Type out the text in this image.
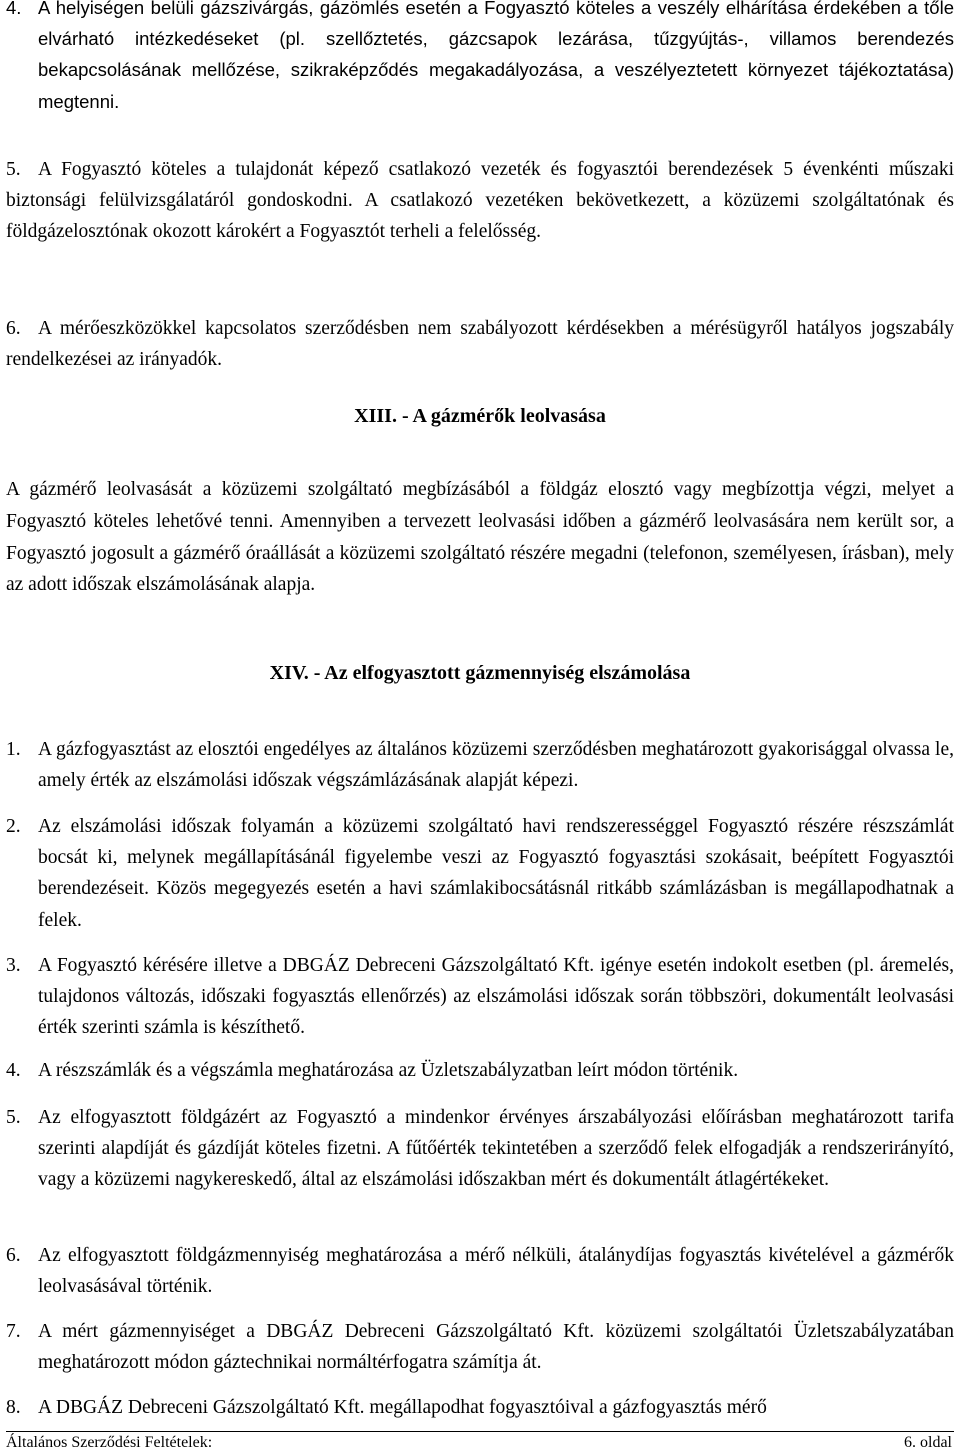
4. A helyiségen belüli gázszivárgás, gázömlés esetén a Fogyasztó köteles a veszély elhárítása érdekében a tőle elvárható intézkedéseket (pl. szellőztetés, gázcsapok lezárása, tűzgyújtás-, villamos berendezés bekapcsolásának mellőzése, szikraképződés megakadályozása, a veszélyeztetett környezet tájékoztatása) megtenni.
5. A Fogyasztó köteles a tulajdonát képező csatlakozó vezeték és fogyasztói berendezések 5 évenkénti műszaki biztonsági felülvizsgálatáról gondoskodni. A csatlakozó vezetéken bekövetkezett, a közüzemi szolgáltatónak és földgázelosztónak okozott károkért a Fogyasztót terheli a felelősség.
6. A mérőeszközökkel kapcsolatos szerződésben nem szabályozott kérdésekben a mérésügyről hatályos jogszabály rendelkezései az irányadók.
XIII. - A gázmérők leolvasása
A gázmérő leolvasását a közüzemi szolgáltató megbízásából a földgáz elosztó vagy megbízottja végzi, melyet a Fogyasztó köteles lehetővé tenni. Amennyiben a tervezett leolvasási időben a gázmérő leolvasására nem került sor, a Fogyasztó jogosult a gázmérő óraállását a közüzemi szolgáltató részére megadni (telefonon, személyesen, írásban), mely az adott időszak elszámolásának alapja.
XIV. - Az elfogyasztott gázmennyiség elszámolása
1. A gázfogyasztást az elosztói engedélyes az általános közüzemi szerződésben meghatározott gyakorisággal olvassa le, amely érték az elszámolási időszak végszámlázásának alapját képezi.
2. Az elszámolási időszak folyamán a közüzemi szolgáltató havi rendszerességgel Fogyasztó részére részszámlát bocsát ki, melynek megállapításánál figyelembe veszi az Fogyasztó fogyasztási szokásait, beépített Fogyasztói berendezéseit. Közös megegyezés esetén a havi számlakibocsátásnál ritkább számlázásban is megállapodhatnak a felek.
3. A Fogyasztó kérésére illetve a DBGÁZ Debreceni Gázszolgáltató Kft. igénye esetén indokolt esetben (pl. áremelés, tulajdonos változás, időszaki fogyasztás ellenőrzés) az elszámolási időszak során többszöri, dokumentált leolvasási érték szerinti számla is készíthető.
4. A részszámlák és a végszámla meghatározása az Üzletszabályzatban leírt módon történik.
5. Az elfogyasztott földgázért az Fogyasztó a mindenkor érvényes árszabályozási előírásban meghatározott tarifa szerinti alapdíját és gázdíját köteles fizetni. A fűtőérték tekintetében a szerződő felek elfogadják a rendszerirányító, vagy a közüzemi nagykereskedő, által az elszámolási időszakban mért és dokumentált átlagértékeket.
6. Az elfogyasztott földgázmennyiség meghatározása a mérő nélküli, átalánydíjas fogyasztás kivételével a gázmérők leolvasásával történik.
7. A mért gázmennyiséget a DBGÁZ Debreceni Gázszolgáltató Kft. közüzemi szolgáltatói Üzletszabályzatában meghatározott módon gáztechnikai normáltérfogatra számítja át.
8. A DBGÁZ Debreceni Gázszolgáltató Kft. megállapodhat fogyasztóival a gázfogyasztás mérő
Általános Szerződési Feltételek:	6. oldal
